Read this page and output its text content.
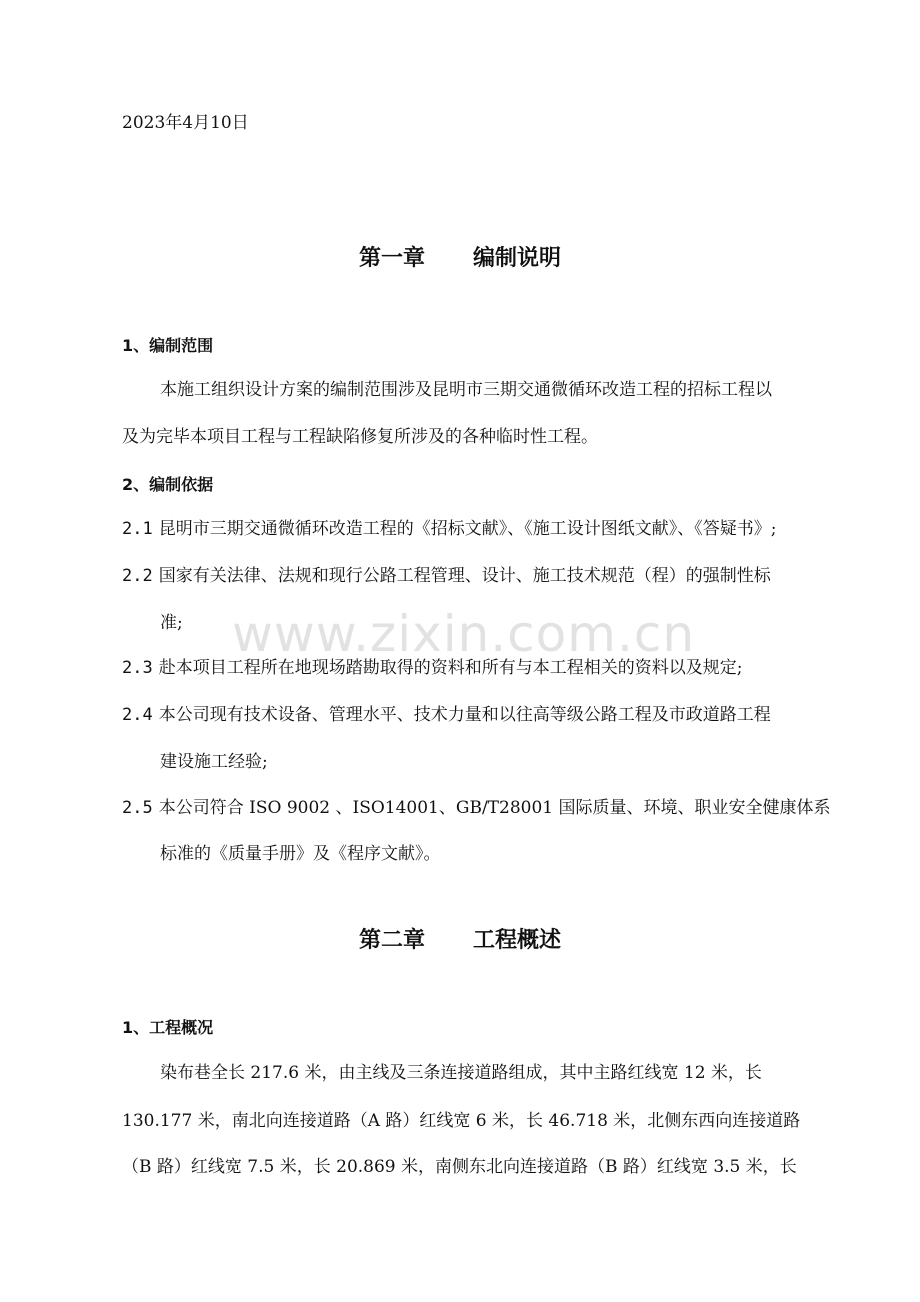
2023年4月10日
第一章 编制说明
1、编制范围
本施工组织设计方案的编制范围涉及昆明市三期交通微循环改造工程的招标工程以
及为完毕本项目工程与工程缺陷修复所涉及的各种临时性工程。
2、编制依据
2.1 昆明市三期交通微循环改造工程的《招标文献》、《施工设计图纸文献》、《答疑书》;
2.2 国家有关法律、法规和现行公路工程管理、设计、施工技术规范（程）的强制性标
准;
2.3 赴本项目工程所在地现场踏勘取得的资料和所有与本工程相关的资料以及规定;
2.4 本公司现有技术设备、管理水平、技术力量和以往高等级公路工程及市政道路工程
建设施工经验;
2.5 本公司符合 ISO 9002 、ISO14001、GB/T28001 国际质量、环境、职业安全健康体系
标准的《质量手册》及《程序文献》。
第二章 工程概述
1、工程概况
染布巷全长 217.6 米，由主线及三条连接道路组成，其中主路红线宽 12 米，长
130.177 米，南北向连接道路（A 路）红线宽 6 米，长 46.718 米，北侧东西向连接道路
（B 路）红线宽 7.5 米，长 20.869 米，南侧东北向连接道路（B 路）红线宽 3.5 米，长
www.zixin.com.cn
